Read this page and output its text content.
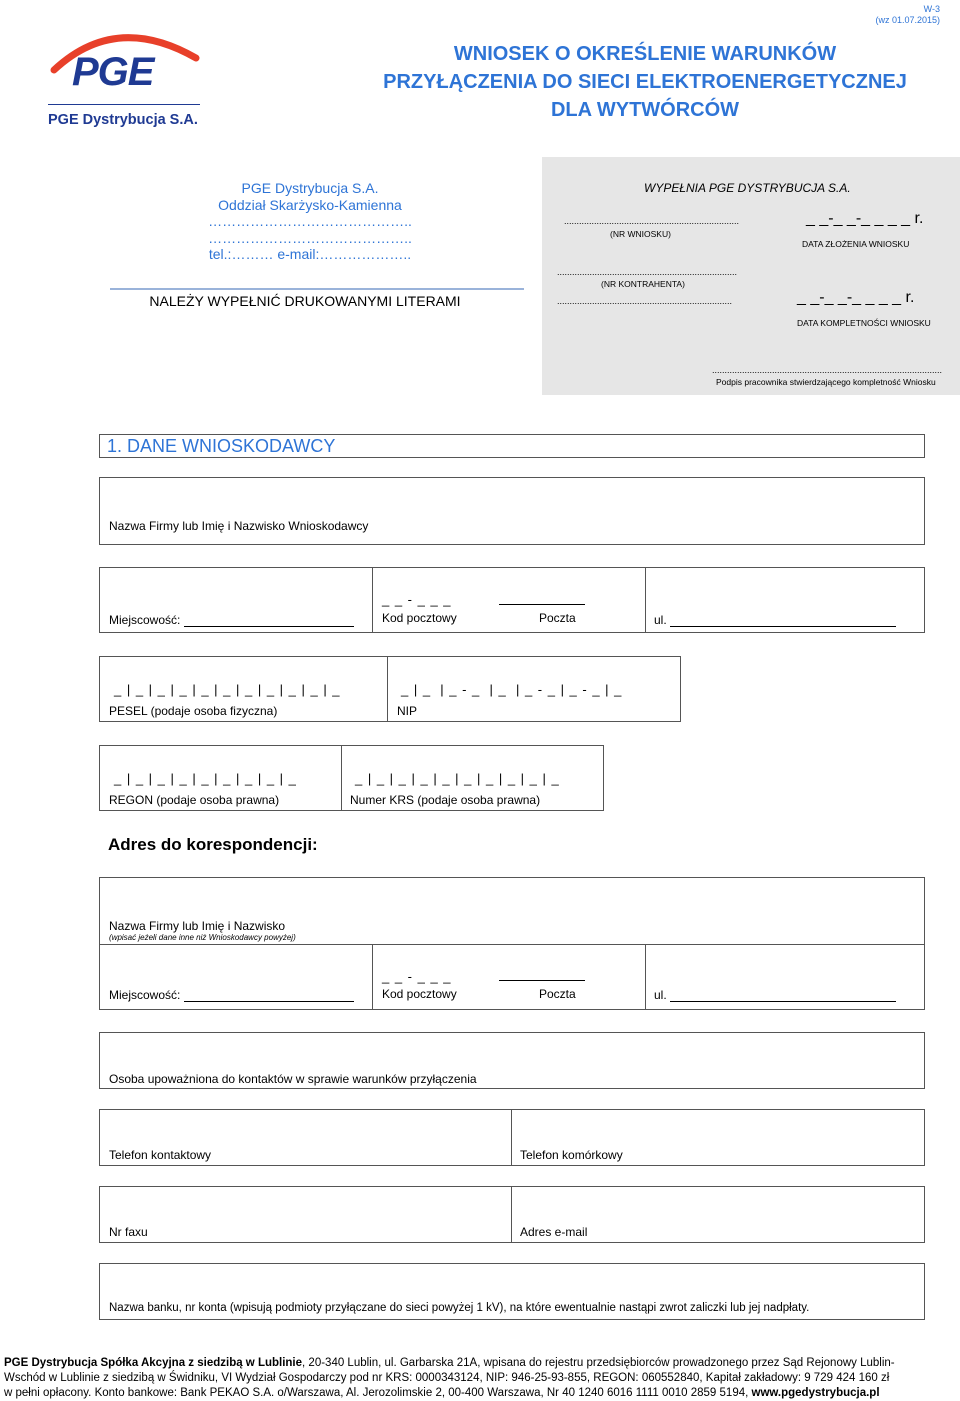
W-3
(wz 01.07.2015)
PGE
PGE Dystrybucja S.A.
WNIOSEK O OKREŚLENIE WARUNKÓW
PRZYŁĄCZENIA DO SIECI ELEKTROENERGETYCZNEJ
DLA WYTWÓRCÓW
PGE Dystrybucja S.A.
Oddział Skarżysko-Kamienna
……………………………………..
……………………………………..
tel.:……… e-mail:………………..
NALEŻY WYPEŁNIĆ DRUKOWANYMI LITERAMI
WYPEŁNIA PGE DYSTRYBUCJA S.A.
......................................................................
(NR WNIOSKU)
_ _-_ _-_ _ _ _ r.
DATA ZŁOŻENIA WNIOSKU
........................................................................
(NR KONTRAHENTA)
......................................................................	_ _-_ _-_ _ _ _ r.
DATA KOMPLETNOŚCI WNIOSKU
............................................................................................
Podpis pracownika stwierdzającego kompletność Wniosku
1. DANE WNIOSKODAWCY
Nazwa Firmy lub Imię i Nazwisko Wnioskodawcy
Miejscowość:
_ _ - _ _ _
Kod pocztowy	Poczta	ul.
_ | _ | _ | _ | _ | _ | _ | _ | _ | _ | _
PESEL (podaje osoba fizyczna)
_ | _  | _ - _  | _  | _ - _ | _ - _ | _
NIP
_ | _ | _ | _ | _ | _ | _ | _ | _
REGON (podaje osoba prawna)
_ | _ | _ | _ | _ | _ | _ | _ | _ | _
Numer KRS (podaje osoba prawna)
Adres do korespondencji:
Nazwa Firmy lub Imię i Nazwisko
(wpisać jeżeli dane inne niż Wnioskodawcy powyżej)
Miejscowość:
_ _ - _ _ _
Kod pocztowy	Poczta	ul.
Osoba upoważniona do kontaktów w sprawie warunków przyłączenia
Telefon kontaktowy	Telefon komórkowy
Nr faxu	Adres e-mail
Nazwa banku, nr konta (wpisują podmioty przyłączane do sieci powyżej 1 kV), na które ewentualnie nastąpi zwrot zaliczki lub jej nadpłaty.
PGE Dystrybucja Spółka Akcyjna z siedzibą w Lublinie, 20-340 Lublin, ul. Garbarska 21A, wpisana do rejestru przedsiębiorców prowadzonego przez Sąd Rejonowy Lublin-
Wschód w Lublinie z siedzibą w Świdniku, VI Wydział Gospodarczy pod nr KRS: 0000343124, NIP: 946-25-93-855, REGON: 060552840, Kapitał zakładowy: 9 729 424 160 zł
w pełni opłacony. Konto bankowe: Bank PEKAO S.A. o/Warszawa, Al. Jerozolimskie 2, 00-400 Warszawa, Nr 40 1240 6016 1111 0010 2859 5194, www.pgedystrybucja.pl
